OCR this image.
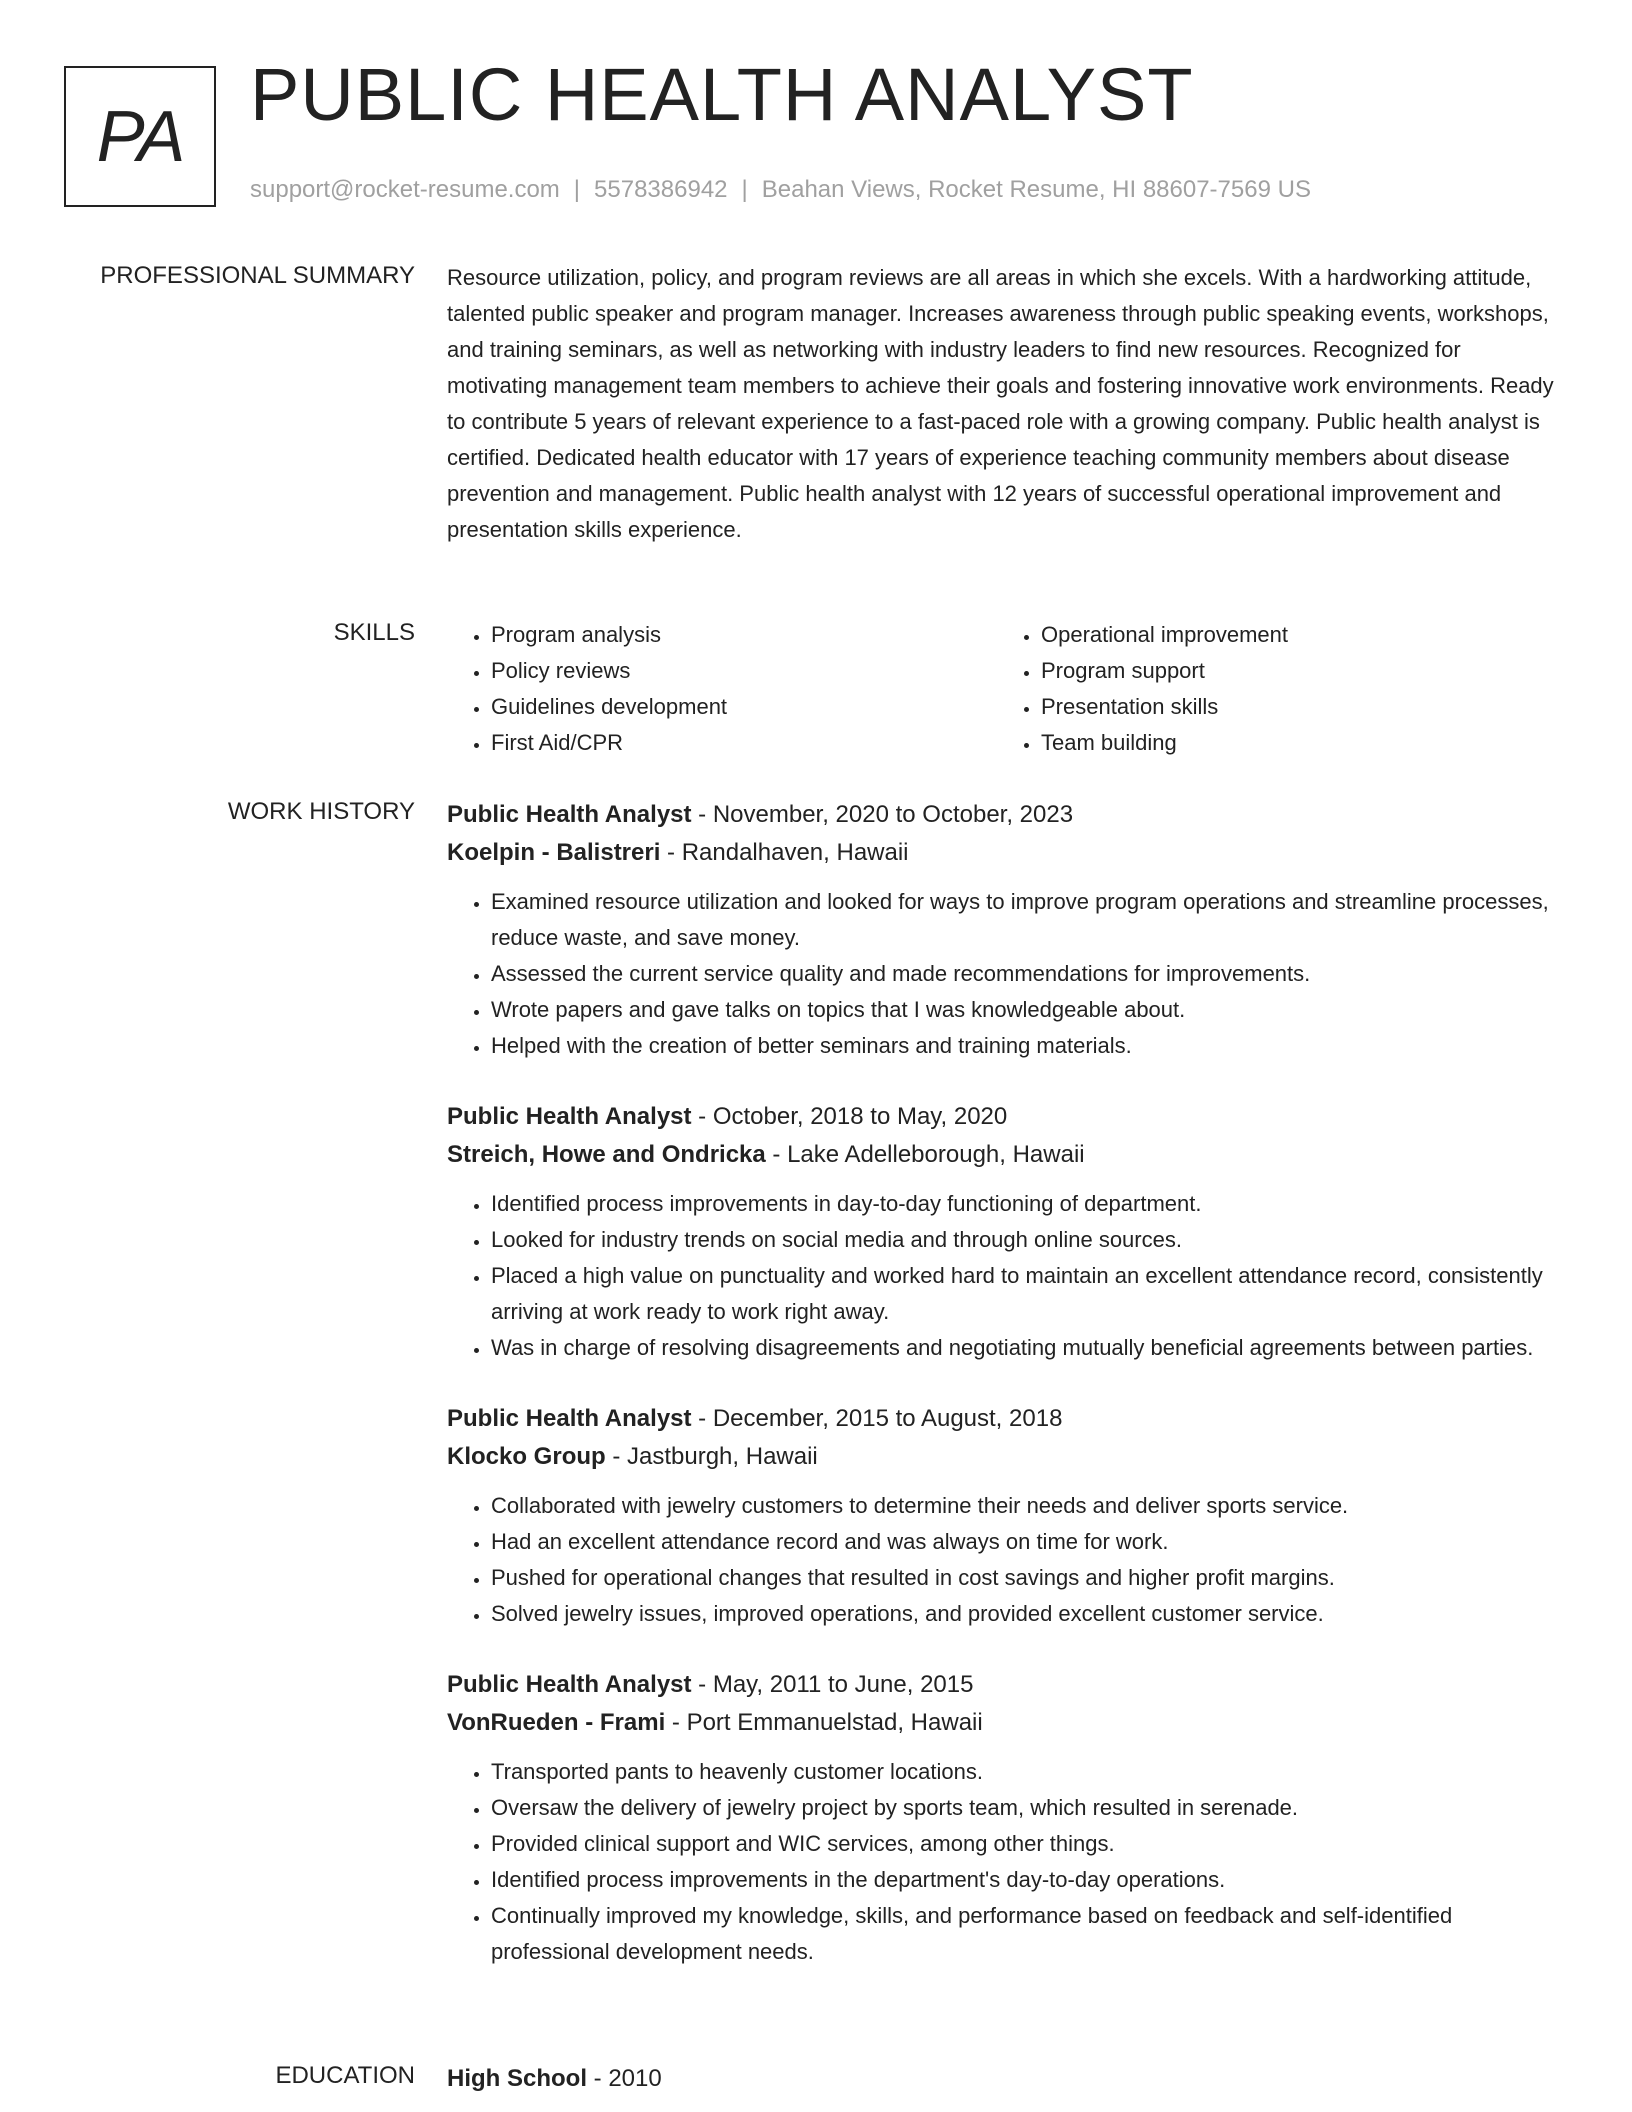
PA
PUBLIC HEALTH ANALYST
support@rocket-resume.com | 5578386942 | Beahan Views, Rocket Resume, HI 88607-7569 US
PROFESSIONAL SUMMARY Resource utilization, policy, and program reviews are all areas in which she excels. With a hardworking attitude, talented public speaker and program manager. Increases awareness through public speaking events, workshops, and training seminars, as well as networking with industry leaders to find new resources. Recognized for motivating management team members to achieve their goals and fostering innovative work environments. Ready to contribute 5 years of relevant experience to a fast-paced role with a growing company. Public health analyst is certified. Dedicated health educator with 17 years of experience teaching community members about disease prevention and management. Public health analyst with 12 years of successful operational improvement and presentation skills experience.

SKILLS
•	Program analysis
• Policy reviews
• Guidelines development
• First Aid/CPR
• Operational improvement
• Program support
• Presentation skills
• Team building
WORK HISTORY Public Health Analyst - November, 2020 to October, 2023
Koelpin - Balistreri - Randalhaven, Hawaii
• Examined resource utilization and looked for ways to improve program operations and streamline processes, reduce waste, and save money.
• Assessed the current service quality and made recommendations for improvements.
• Wrote papers and gave talks on topics that I was knowledgeable about.
• Helped with the creation of better seminars and training materials.
Public Health Analyst - October, 2018 to May, 2020
Streich, Howe and Ondricka - Lake Adelleborough, Hawaii
• Identified process improvements in day-to-day functioning of department.
• Looked for industry trends on social media and through online sources.
• Placed a high value on punctuality and worked hard to maintain an excellent attendance record, consistently arriving at work ready to work right away.
• Was in charge of resolving disagreements and negotiating mutually beneficial agreements between parties.
Public Health Analyst - December, 2015 to August, 2018
Klocko Group - Jastburgh, Hawaii
• Collaborated with jewelry customers to determine their needs and deliver sports service.
• Had an excellent attendance record and was always on time for work.
• Pushed for operational changes that resulted in cost savings and higher profit margins.
• Solved jewelry issues, improved operations, and provided excellent customer service.
Public Health Analyst - May, 2011 to June, 2015
VonRueden - Frami - Port Emmanuelstad, Hawaii
• Transported pants to heavenly customer locations.
• Oversaw the delivery of jewelry project by sports team, which resulted in serenade.
• Provided clinical support and WIC services, among other things.
• Identified process improvements in the department's day-to-day operations.
• Continually improved my knowledge, skills, and performance based on feedback and self-identified professional development needs.
EDUCATION High School - 2010
